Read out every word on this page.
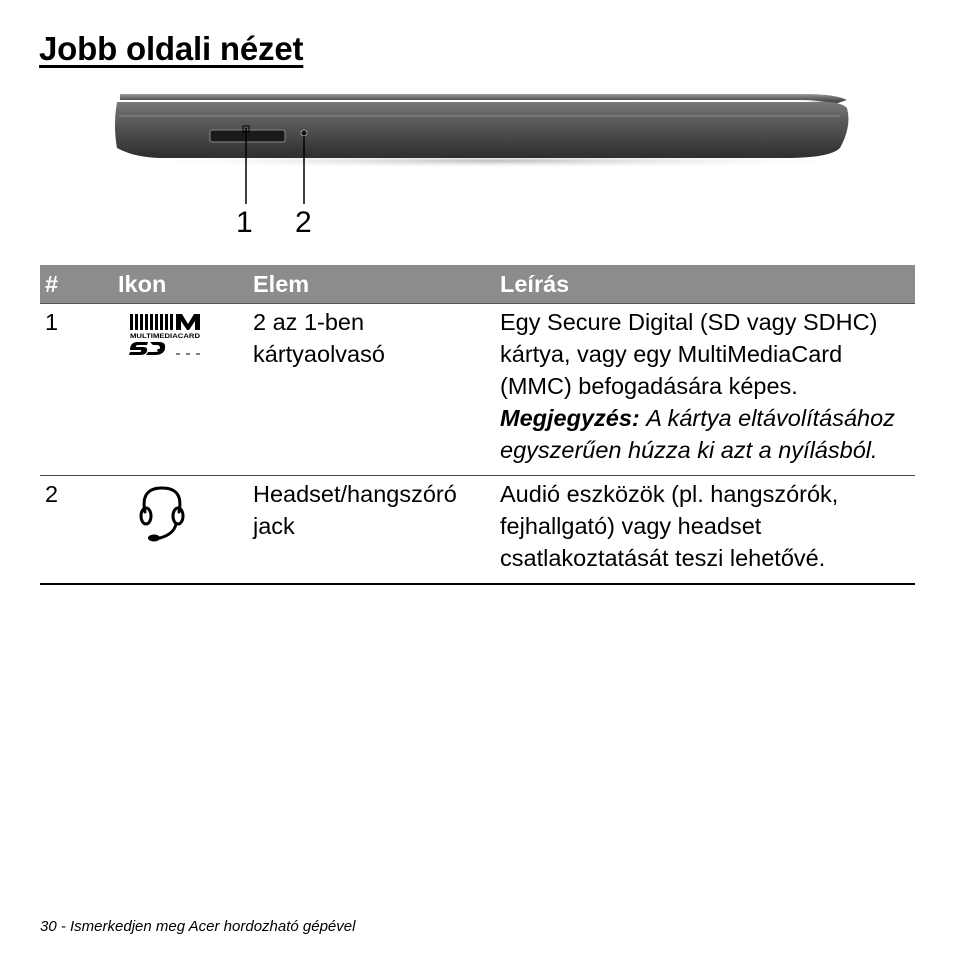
Jobb oldali nézet
1 2
#	Ikon	Elem	Leírás
1	MULTIMEDIACARD	2 az 1-ben kártyaolvasó	Egy Secure Digital (SD vagy SDHC) kártya, vagy egy MultiMediaCard (MMC) befogadására képes.
Megjegyzés: A kártya eltávolításához egyszerűen húzza ki azt a nyílásból.
2		Headset/hangszóró jack	Audió eszközök (pl. hangszórók, fejhallgató) vagy headset csatlakoztatását teszi lehetővé.
30 - Ismerkedjen meg Acer hordozható gépével
